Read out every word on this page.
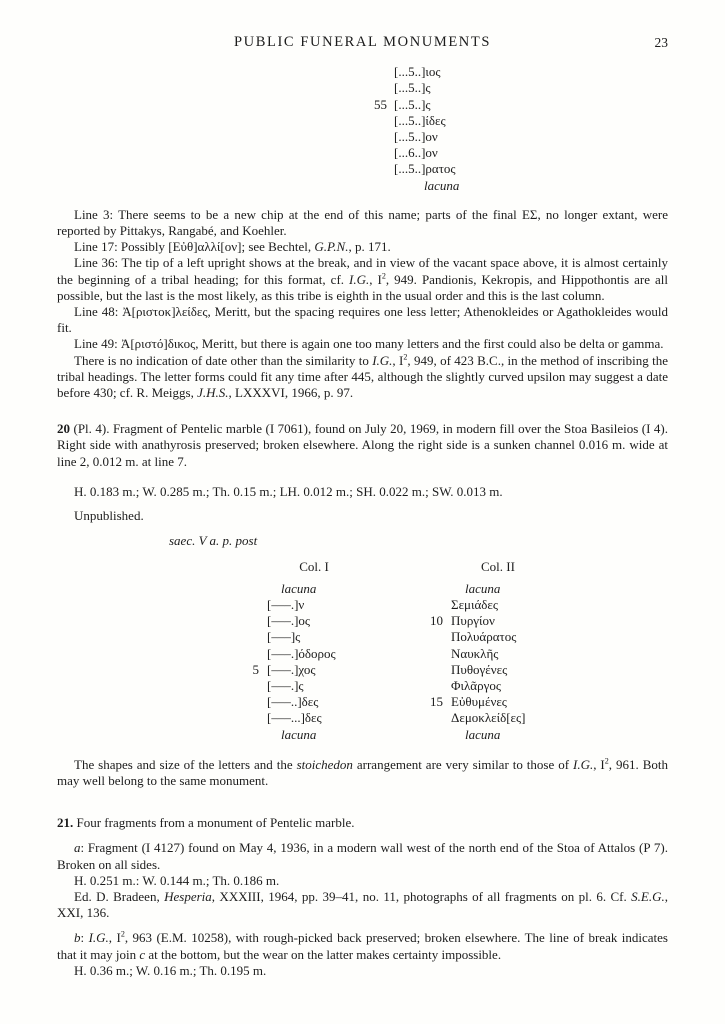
PUBLIC FUNERAL MONUMENTS	23
[...5..]ιος
[...5..]ς
55 [...5..]ς
[...5..]ίδες
[...5..]ον
[...6..]ον
[...5..]ρατος
lacuna

Line 3: There seems to be a new chip at the end of this name; parts of the final ΕΣ, no longer extant, were reported by Pittakys, Rangabé, and Koehler.

Line 17: Possibly [Εὐθ]αλλί[ον]; see Bechtel, G.P.N., p. 171.

Line 36: The tip of a left upright shows at the break, and in view of the vacant space above, it is almost certainly the beginning of a tribal heading; for this format, cf. I.G., $I^2$, 949. Pandionis, Kekropis, and Hippothontis are all possible, but the last is the most likely, as this tribe is eighth in the usual order and this is the last column.

Line 48: Ἀ[ριστοκ]λείδες, Meritt, but the spacing requires one less letter; Athenokleides or Agathokleides would fit.

Line 49: Ἀ[ριστό]δικος, Meritt, but there is again one too many letters and the first could also be delta or gamma.

There is no indication of date other than the similarity to I.G., $I^2$, 949, of 423 B.C., in the method of inscribing the tribal headings. The letter forms could fit any time after 445, although the slightly curved upsilon may suggest a date before 430; cf. R. Meiggs, J.H.S., LXXXVI, 1966, p. 97.

20 (Pl. 4). Fragment of Pentelic marble (I 7061), found on July 20, 1969, in modern fill over the Stoa Basileios (I 4). Right side with anathyrosis preserved; broken elsewhere. Along the right side is a sunken channel 0.016 m. wide at line 2, 0.012 m. at line 7.

H. 0.183 m.; W. 0.285 m.; Th. 0.15 m.; LH. 0.012 m.; SH. 0.022 m.; SW. 0.013 m.

Unpublished.

saec. V a. p. post

Col. I
lacuna
[–––.]ν
[–––.]ος
[–––]ς
[–––.]όδορος
5 [–––.]χος
[–––.]ς
[–––..]δες
[–––...]δες
lacuna
Col. II
lacuna
Σεμιάδες
10 Πυργίον
Πολυάρατος
Ναυκλῆς
Πυθογένες
Φιλᾶργος
15 Εὐθυμένες
Δεμοκλείδ[ες]
lacuna

The shapes and size of the letters and the stoichedon arrangement are very similar to those of I.G., $I^2$, 961. Both may well belong to the same monument.

21. Four fragments from a monument of Pentelic marble.

a: Fragment (I 4127) found on May 4, 1936, in a modern wall west of the north end of the Stoa of Attalos (P 7). Broken on all sides.

H. 0.251 m.: W. 0.144 m.; Th. 0.186 m.

Ed. D. Bradeen, Hesperia, XXXIII, 1964, pp. 39–41, no. 11, photographs of all fragments on pl. 6. Cf. S.E.G., XXI, 136.

b: I.G., $I^2$, 963 (E.M. 10258), with rough-picked back preserved; broken elsewhere. The line of break indicates that it may join c at the bottom, but the wear on the latter makes certainty impossible.

H. 0.36 m.; W. 0.16 m.; Th. 0.195 m.
